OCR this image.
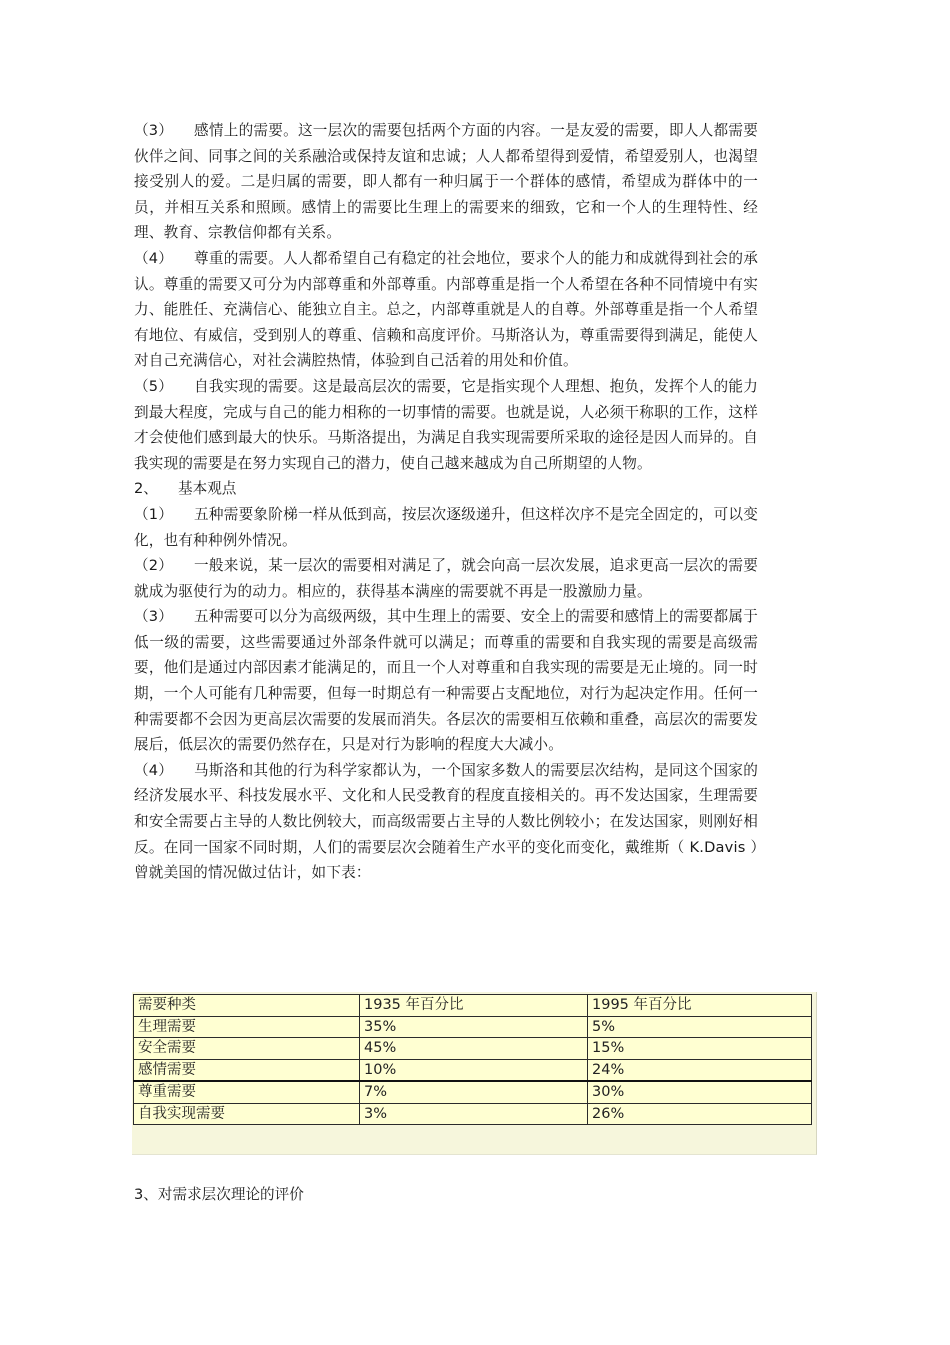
（3） 感情上的需要。这一层次的需要包括两个方面的内容。一是友爱的需要，即人人都需要伙伴之间、同事之间的关系融洽或保持友谊和忠诚；人人都希望得到爱情，希望爱别人，也渴望接受别人的爱。二是归属的需要，即人都有一种归属于一个群体的感情，希望成为群体中的一员，并相互关系和照顾。感情上的需要比生理上的需要来的细致，它和一个人的生理特性、经理、教育、宗教信仰都有关系。

（4） 尊重的需要。人人都希望自己有稳定的社会地位，要求个人的能力和成就得到社会的承认。尊重的需要又可分为内部尊重和外部尊重。内部尊重是指一个人希望在各种不同情境中有实力、能胜任、充满信心、能独立自主。总之，内部尊重就是人的自尊。外部尊重是指一个人希望有地位、有威信，受到别人的尊重、信赖和高度评价。马斯洛认为，尊重需要得到满足，能使人对自己充满信心，对社会满腔热情，体验到自己活着的用处和价值。

（5） 自我实现的需要。这是最高层次的需要，它是指实现个人理想、抱负，发挥个人的能力到最大程度，完成与自己的能力相称的一切事情的需要。也就是说，人必须干称职的工作，这样才会使他们感到最大的快乐。马斯洛提出，为满足自我实现需要所采取的途径是因人而异的。自我实现的需要是在努力实现自己的潜力，使自己越来越成为自己所期望的人物。

2、 基本观点

（1） 五种需要象阶梯一样从低到高，按层次逐级递升，但这样次序不是完全固定的，可以变化，也有种种例外情况。

（2） 一般来说，某一层次的需要相对满足了，就会向高一层次发展，追求更高一层次的需要就成为驱使行为的动力。相应的，获得基本满座的需要就不再是一股激励力量。

（3） 五种需要可以分为高级两级，其中生理上的需要、安全上的需要和感情上的需要都属于低一级的需要，这些需要通过外部条件就可以满足；而尊重的需要和自我实现的需要是高级需要，他们是通过内部因素才能满足的，而且一个人对尊重和自我实现的需要是无止境的。同一时期，一个人可能有几种需要，但每一时期总有一种需要占支配地位，对行为起决定作用。任何一种需要都不会因为更高层次需要的发展而消失。各层次的需要相互依赖和重叠，高层次的需要发展后，低层次的需要仍然存在，只是对行为影响的程度大大减小。

（4） 马斯洛和其他的行为科学家都认为，一个国家多数人的需要层次结构，是同这个国家的经济发展水平、科技发展水平、文化和人民受教育的程度直接相关的。再不发达国家，生理需要和安全需要占主导的人数比例较大，而高级需要占主导的人数比例较小；在发达国家，则刚好相反。在同一国家不同时期，人们的需要层次会随着生产水平的变化而变化，戴维斯（ K.Davis ）曾就美国的情况做过估计，如下表：

需要种类	1935 年百分比	1995 年百分比
生理需要	35%	5%
安全需要	45%	15%
感情需要	10%	24%
尊重需要	7%	30%
自我实现需要	3%	26%
3、对需求层次理论的评价
